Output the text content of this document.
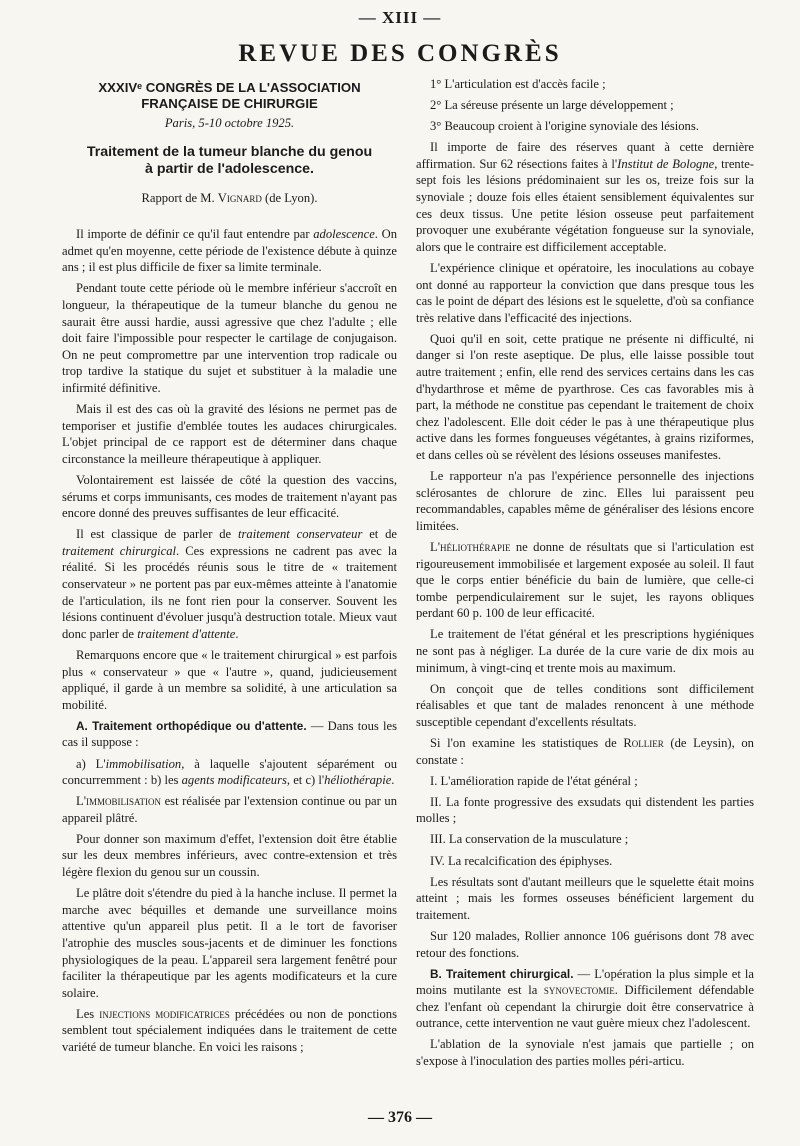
— XIII —
REVUE DES CONGRÈS
XXXIVᵉ CONGRÈS DE LA L'ASSOCIATION
FRANÇAISE DE CHIRURGIE
Paris, 5-10 octobre 1925.
Traitement de la tumeur blanche du genou
à partir de l'adolescence.
Rapport de M. Vignard (de Lyon).

Il importe de définir ce qu'il faut entendre par adolescence. On admet qu'en moyenne, cette période de l'existence débute à quinze ans ; il est plus difficile de fixer sa limite terminale.

Pendant toute cette période où le membre inférieur s'accroît en longueur, la thérapeutique de la tumeur blanche du genou ne saurait être aussi hardie, aussi agressive que chez l'adulte ; elle doit faire l'impossible pour respecter le cartilage de conjugaison. On ne peut compromettre par une intervention trop radicale ou trop tardive la statique du sujet et substituer à la maladie une infirmité définitive.

Mais il est des cas où la gravité des lésions ne permet pas de temporiser et justifie d'emblée toutes les audaces chirurgicales. L'objet principal de ce rapport est de déterminer dans chaque circonstance la meilleure thérapeutique à appliquer.

Volontairement est laissée de côté la question des vaccins, sérums et corps immunisants, ces modes de traitement n'ayant pas encore donné des preuves suffisantes de leur efficacité.

Il est classique de parler de traitement conservateur et de traitement chirurgical. Ces expressions ne cadrent pas avec la réalité. Si les procédés réunis sous le titre de « traitement conservateur » ne portent pas par eux-mêmes atteinte à l'anatomie de l'articulation, ils ne font rien pour la conserver. Souvent les lésions continuent d'évoluer jusqu'à destruction totale. Mieux vaut donc parler de traitement d'attente.

Remarquons encore que « le traitement chirurgical » est parfois plus « conservateur » que « l'autre », quand, judicieusement appliqué, il garde à un membre sa solidité, à une articulation sa mobilité.

A. Traitement orthopédique ou d'attente. — Dans tous les cas il suppose :

a) L'immobilisation, à laquelle s'ajoutent séparément ou concurremment : b) les agents modificateurs, et c) l'héliothérapie.

L'immobilisation est réalisée par l'extension continue ou par un appareil plâtré.

Pour donner son maximum d'effet, l'extension doit être établie sur les deux membres inférieurs, avec contre-extension et très légère flexion du genou sur un coussin.

Le plâtre doit s'étendre du pied à la hanche incluse. Il permet la marche avec béquilles et demande une surveillance moins attentive qu'un appareil plus petit. Il a le tort de favoriser l'atrophie des muscles sous-jacents et de diminuer les fonctions physiologiques de la peau. L'appareil sera largement fenêtré pour faciliter la thérapeutique par les agents modificateurs et la cure solaire.

Les injections modificatrices précédées ou non de ponctions semblent tout spécialement indiquées dans le traitement de cette variété de tumeur blanche. En voici les raisons ;

1° L'articulation est d'accès facile ;

2° La séreuse présente un large développement ;

3° Beaucoup croient à l'origine synoviale des lésions.

Il importe de faire des réserves quant à cette dernière affirmation. Sur 62 résections faites à l'Institut de Bologne, trente-sept fois les lésions prédominaient sur les os, treize fois sur la synoviale ; douze fois elles étaient sensiblement équivalentes sur ces deux tissus. Une petite lésion osseuse peut parfaitement provoquer une exubérante végétation fongueuse sur la synoviale, alors que le contraire est difficilement acceptable.

L'expérience clinique et opératoire, les inoculations au cobaye ont donné au rapporteur la conviction que dans presque tous les cas le point de départ des lésions est le squelette, d'où sa confiance très relative dans l'efficacité des injections.

Quoi qu'il en soit, cette pratique ne présente ni difficulté, ni danger si l'on reste aseptique. De plus, elle laisse possible tout autre traitement ; enfin, elle rend des services certains dans les cas d'hydarthrose et même de pyarthrose. Ces cas favorables mis à part, la méthode ne constitue pas cependant le traitement de choix chez l'adolescent. Elle doit céder le pas à une thérapeutique plus active dans les formes fongueuses végétantes, à grains riziformes, et dans celles où se révèlent des lésions osseuses manifestes.

Le rapporteur n'a pas l'expérience personnelle des injections sclérosantes de chlorure de zinc. Elles lui paraissent peu recommandables, capables même de généraliser des lésions encore limitées.

L'héliothérapie ne donne de résultats que si l'articulation est rigoureusement immobilisée et largement exposée au soleil. Il faut que le corps entier bénéficie du bain de lumière, que celle-ci tombe perpendiculairement sur le sujet, les rayons obliques perdant 60 p. 100 de leur efficacité.

Le traitement de l'état général et les prescriptions hygiéniques ne sont pas à négliger. La durée de la cure varie de dix mois au minimum, à vingt-cinq et trente mois au maximum.

On conçoit que de telles conditions sont difficilement réalisables et que tant de malades renoncent à une méthode susceptible cependant d'excellents résultats.

Si l'on examine les statistiques de Rollier (de Leysin), on constate :

I. L'amélioration rapide de l'état général ;

II. La fonte progressive des exsudats qui distendent les parties molles ;

III. La conservation de la musculature ;

IV. La recalcification des épiphyses.

Les résultats sont d'autant meilleurs que le squelette était moins atteint ; mais les formes osseuses bénéficient largement du traitement.

Sur 120 malades, Rollier annonce 106 guérisons dont 78 avec retour des fonctions.

B. Traitement chirurgical. — L'opération la plus simple et la moins mutilante est la synovectomie. Difficilement défendable chez l'enfant où cependant la chirurgie doit être conservatrice à outrance, cette intervention ne vaut guère mieux chez l'adolescent.

L'ablation de la synoviale n'est jamais que partielle ; on s'expose à l'inoculation des parties molles péri-articu.

— 376 —
